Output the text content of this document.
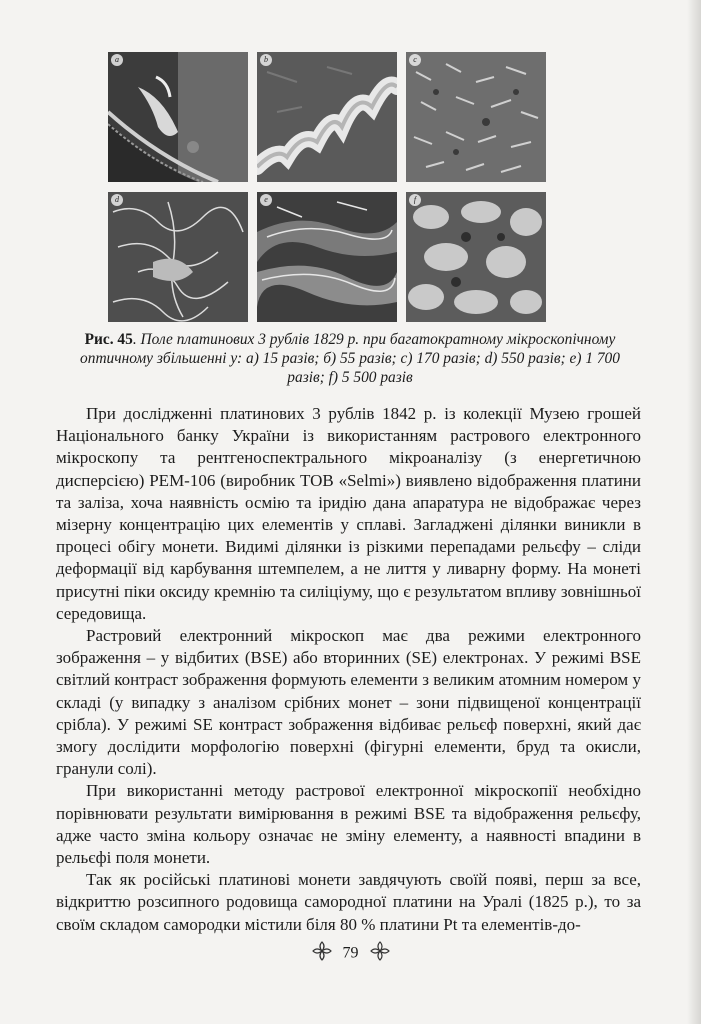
a	b	c
d	e	f
Рис. 45. Поле платинових 3 рублів 1829 р. при багатократному мікроскопічному оптичному збільшенні у: a) 15 разів; б) 55 разів; c) 170 разів; d) 550 разів; e) 1 700 разів; f) 5 500 разів

При дослідженні платинових 3 рублів 1842 р. із колекції Музею грошей Національного банку України із використанням растрового електронного мікроскопу та рентгеноспектрального мікроаналізу (з енергетичною дисперсією) РЕМ-106 (виробник ТОВ «Selmi») виявлено відображення платини та заліза, хоча наявність осмію та іридію дана апаратура не відображає через мізерну концентрацію цих елементів у сплаві. Загладжені ділянки виникли в процесі обігу монети. Видимі ділянки із різкими перепадами рельєфу – сліди деформації від карбування штемпелем, а не лиття у ливарну форму. На монеті присутні піки оксиду кремнію та силіціуму, що є результатом впливу зовнішньої середовища.

Растровий електронний мікроскоп має два режими електронного зображення – у відбитих (BSE) або вторинних (SE) електронах. У режимі BSE світлий контраст зображення формують елементи з великим атомним номером у складі (у випадку з аналізом срібних монет – зони підвищеної концентрації срібла). У режимі SE контраст зображення відбиває рельєф поверхні, який дає змогу дослідити морфологію поверхні (фігурні елементи, бруд та окисли, гранули солі).

При використанні методу растрової електронної мікроскопії необхідно порівнювати результати вимірювання в режимі BSE та відображення рельєфу, адже часто зміна кольору означає не зміну елементу, а наявності впадини в рельєфі поля монети.

Так як російські платинові монети завдячують своїй появі, перш за все, відкриттю розсипного родовища самородної платини на Уралі (1825 р.), то за своїм складом самородки містили біля 80 % платини Pt та елементів-до-

79
